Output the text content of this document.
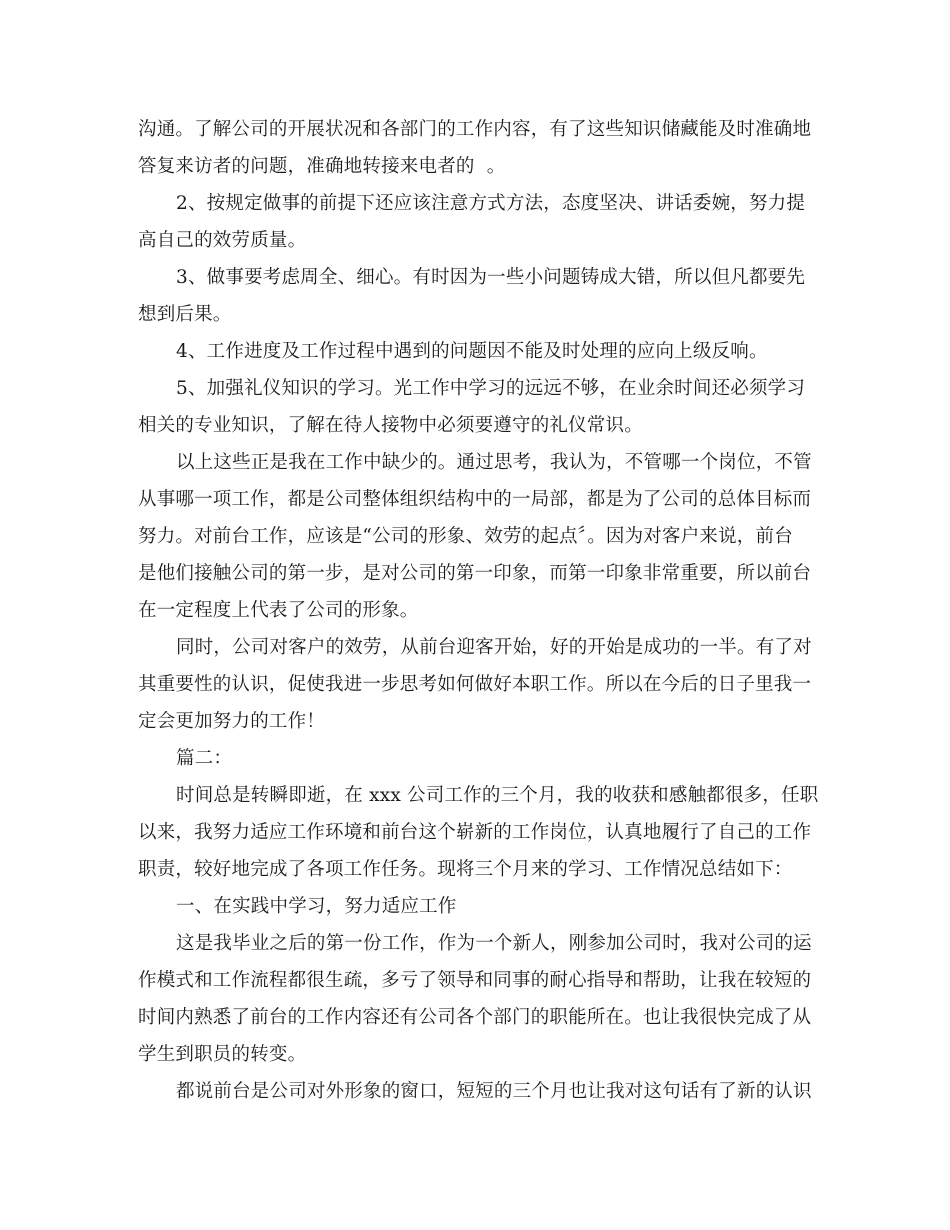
沟通。了解公司的开展状况和各部门的工作内容，有了这些知识储藏能及时准确地
答复来访者的问题，准确地转接来电者的  。
2、按规定做事的前提下还应该注意方式方法，态度坚决、讲话委婉，努力提
高自己的效劳质量。
3、做事要考虑周全、细心。有时因为一些小问题铸成大错，所以但凡都要先
想到后果。
4、工作进度及工作过程中遇到的问题因不能及时处理的应向上级反响。
5、加强礼仪知识的学习。光工作中学习的远远不够，在业余时间还必须学习
相关的专业知识，了解在待人接物中必须要遵守的礼仪常识。
以上这些正是我在工作中缺少的。通过思考，我认为，不管哪一个岗位，不管
从事哪一项工作，都是公司整体组织结构中的一局部，都是为了公司的总体目标而
努力。对前台工作，应该是“公司的形象、效劳的起点〞。因为对客户来说，前台
是他们接触公司的第一步，是对公司的第一印象，而第一印象非常重要，所以前台
在一定程度上代表了公司的形象。
同时，公司对客户的效劳，从前台迎客开始，好的开始是成功的一半。有了对
其重要性的认识，促使我进一步思考如何做好本职工作。所以在今后的日子里我一
定会更加努力的工作！
篇二：
时间总是转瞬即逝，在 xxx 公司工作的三个月，我的收获和感触都很多，任职
以来，我努力适应工作环境和前台这个崭新的工作岗位，认真地履行了自己的工作
职责，较好地完成了各项工作任务。现将三个月来的学习、工作情况总结如下：
一、在实践中学习，努力适应工作
这是我毕业之后的第一份工作，作为一个新人，刚参加公司时，我对公司的运
作模式和工作流程都很生疏，多亏了领导和同事的耐心指导和帮助，让我在较短的
时间内熟悉了前台的工作内容还有公司各个部门的职能所在。也让我很快完成了从
学生到职员的转变。
都说前台是公司对外形象的窗口，短短的三个月也让我对这句话有了新的认识
